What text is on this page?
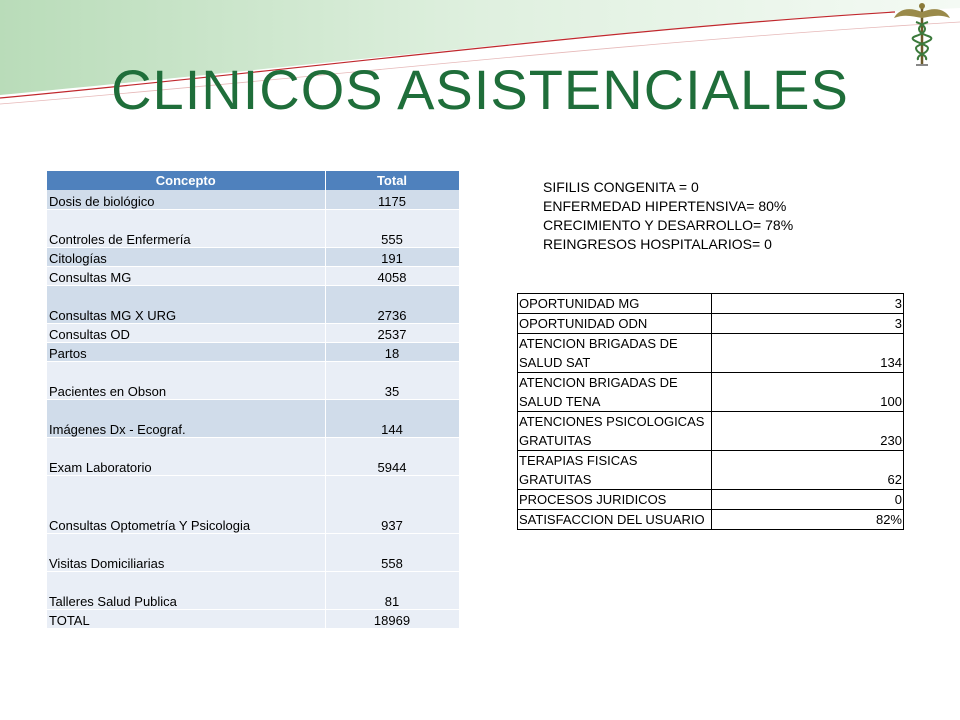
CLINICOS ASISTENCIALES
Concepto	Total
Dosis de biológico	1175
Controles de Enfermería	555
Citologías	191
Consultas MG	4058
Consultas MG X URG	2736
Consultas OD	2537
Partos	18
Pacientes en Obson	35
Imágenes Dx - Ecograf.	144
Exam Laboratorio	5944
Consultas Optometría Y Psicologia	937
Visitas Domiciliarias	558
Talleres Salud Publica	81
TOTAL	18969
SIFILIS CONGENITA = 0
ENFERMEDAD HIPERTENSIVA= 80%
CRECIMIENTO Y DESARROLLO= 78%
REINGRESOS HOSPITALARIOS= 0
OPORTUNIDAD MG	3
OPORTUNIDAD ODN	3
ATENCION BRIGADAS DE SALUD SAT	134
ATENCION BRIGADAS DE SALUD TENA	100
ATENCIONES PSICOLOGICAS GRATUITAS	230
TERAPIAS FISICAS GRATUITAS	62
PROCESOS JURIDICOS	0
SATISFACCION DEL USUARIO	82%
